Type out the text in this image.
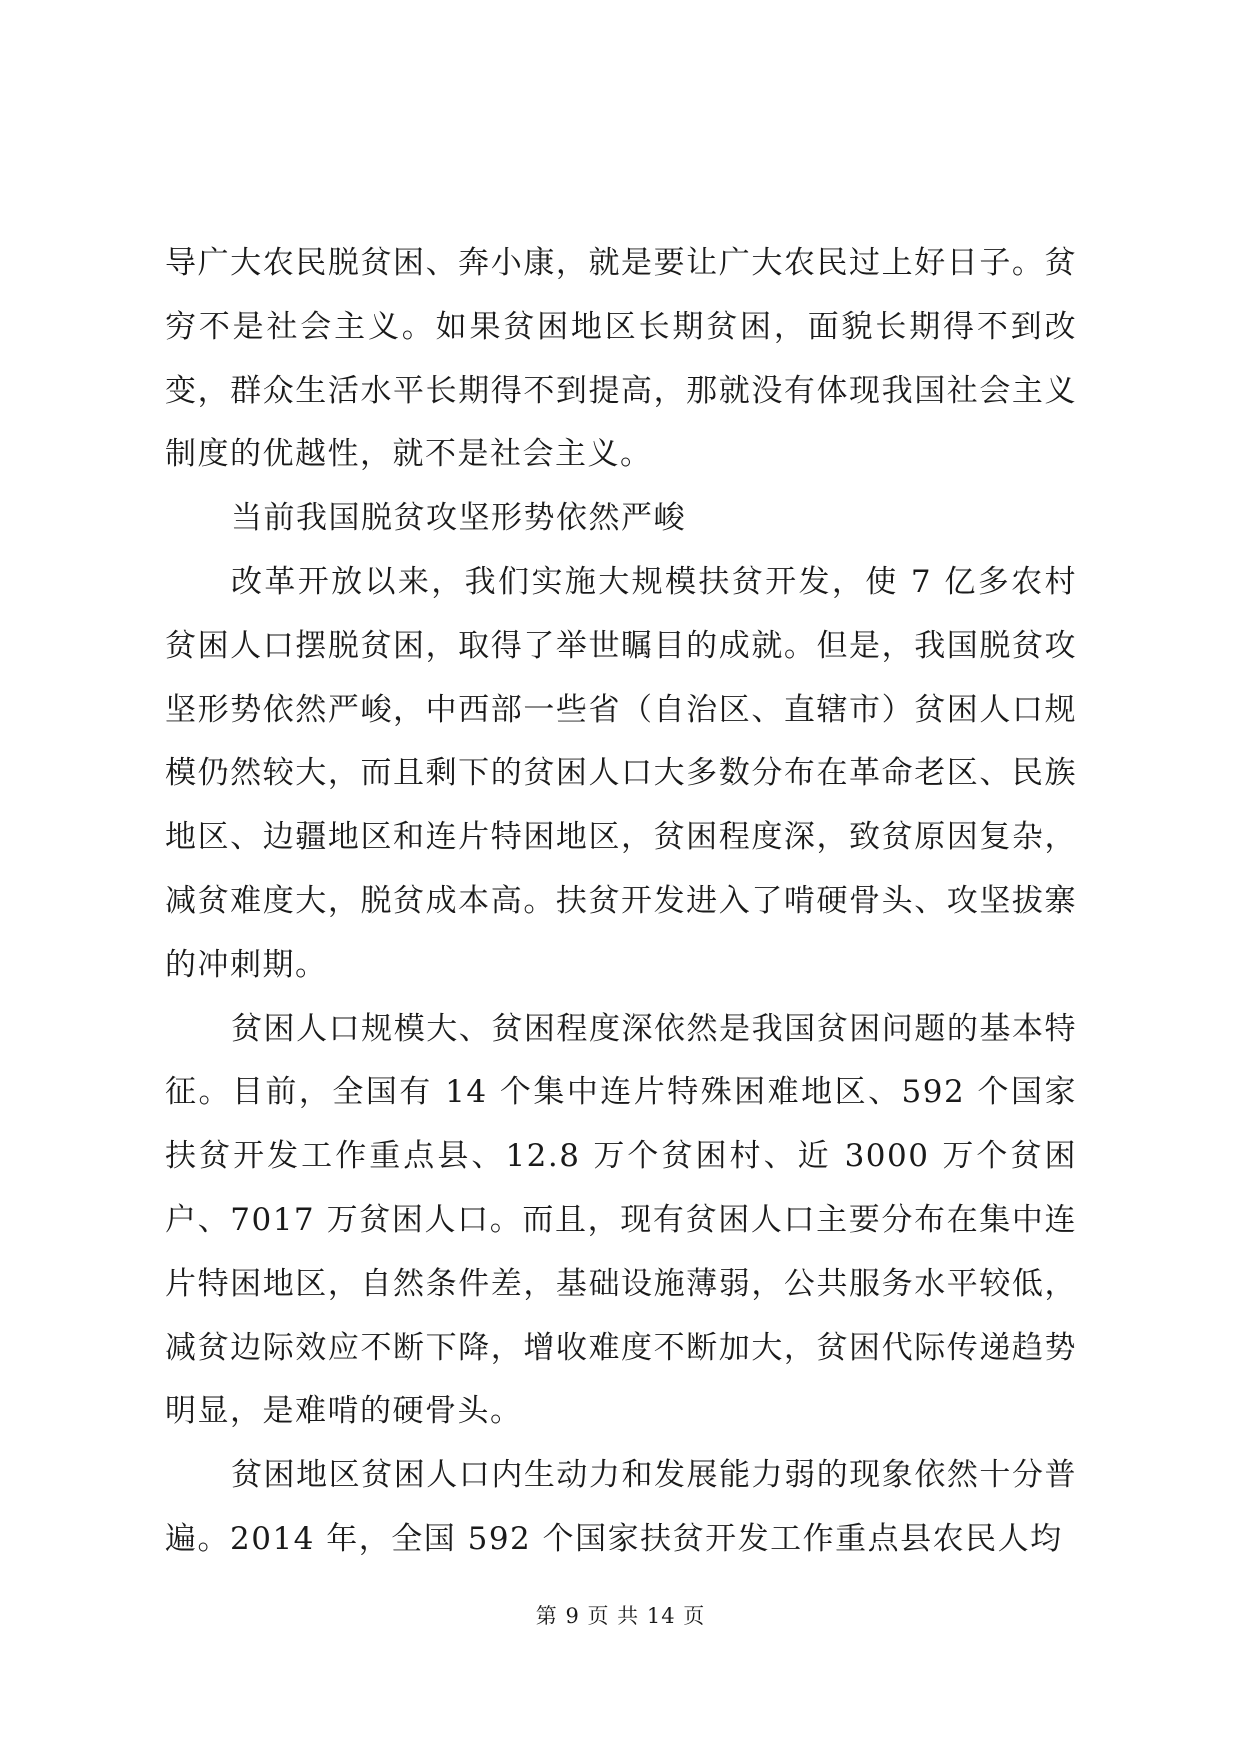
导广大农民脱贫困、奔小康，就是要让广大农民过上好日子。贫穷不是社会主义。如果贫困地区长期贫困，面貌长期得不到改变，群众生活水平长期得不到提高，那就没有体现我国社会主义制度的优越性，就不是社会主义。

当前我国脱贫攻坚形势依然严峻

改革开放以来，我们实施大规模扶贫开发，使 7 亿多农村贫困人口摆脱贫困，取得了举世瞩目的成就。但是，我国脱贫攻坚形势依然严峻，中西部一些省（自治区、直辖市）贫困人口规模仍然较大，而且剩下的贫困人口大多数分布在革命老区、民族地区、边疆地区和连片特困地区，贫困程度深，致贫原因复杂，减贫难度大，脱贫成本高。扶贫开发进入了啃硬骨头、攻坚拔寨的冲刺期。

贫困人口规模大、贫困程度深依然是我国贫困问题的基本特征。目前，全国有 14 个集中连片特殊困难地区、592 个国家扶贫开发工作重点县、12.8 万个贫困村、近 3000 万个贫困户、7017 万贫困人口。而且，现有贫困人口主要分布在集中连片特困地区，自然条件差，基础设施薄弱，公共服务水平较低，减贫边际效应不断下降，增收难度不断加大，贫困代际传递趋势明显，是难啃的硬骨头。

贫困地区贫困人口内生动力和发展能力弱的现象依然十分普遍。2014 年，全国 592 个国家扶贫开发工作重点县农民人均

第 9 页 共 14 页
